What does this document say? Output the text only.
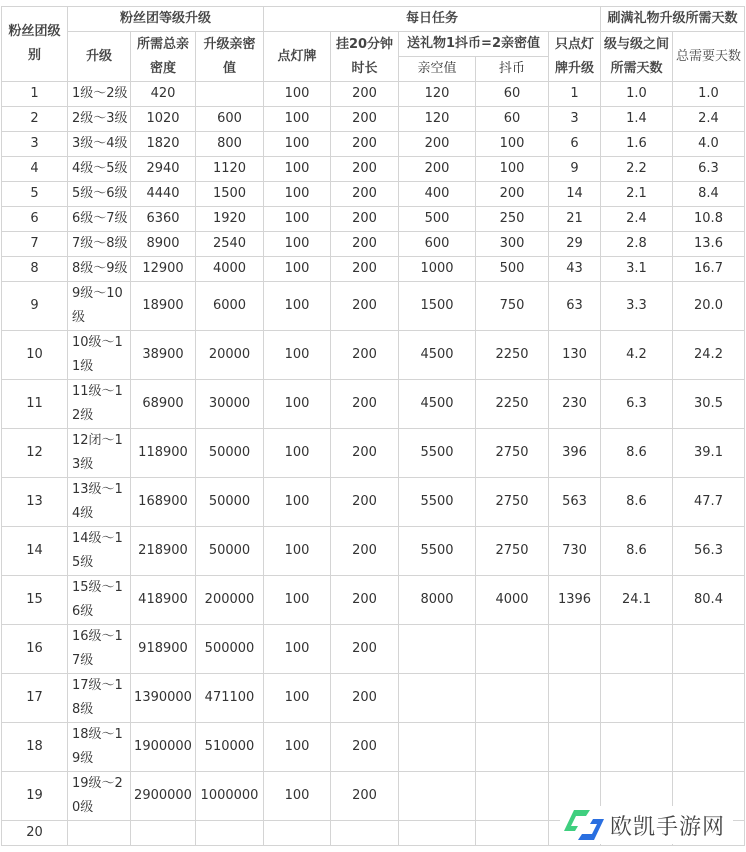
粉丝团级别	粉丝团等级升级			每日任务					刷满礼物升级所需天数	
	升级	所需总亲密度	升级亲密值	点灯牌	挂20分钟时长	送礼物1抖币=2亲密值		只点灯牌升级	级与级之间所需天数	总需要天数
						亲空值	抖币			
1	1级～2级	420		100	200	120	60	1	1.0	1.0
2	2级～3级	1020	600	100	200	120	60	3	1.4	2.4
3	3级～4级	1820	800	100	200	200	100	6	1.6	4.0
4	4级～5级	2940	1120	100	200	200	100	9	2.2	6.3
5	5级～6级	4440	1500	100	200	400	200	14	2.1	8.4
6	6级～7级	6360	1920	100	200	500	250	21	2.4	10.8
7	7级～8级	8900	2540	100	200	600	300	29	2.8	13.6
8	8级～9级	12900	4000	100	200	1000	500	43	3.1	16.7
9	9级～10级	18900	6000	100	200	1500	750	63	3.3	20.0
10	10级～11级	38900	20000	100	200	4500	2250	130	4.2	24.2
11	11级～12级	68900	30000	100	200	4500	2250	230	6.3	30.5
12	12闭～13级	118900	50000	100	200	5500	2750	396	8.6	39.1
13	13级～14级	168900	50000	100	200	5500	2750	563	8.6	47.7
14	14级～15级	218900	50000	100	200	5500	2750	730	8.6	56.3
15	15级～16级	418900	200000	100	200	8000	4000	1396	24.1	80.4
16	16级～17级	918900	500000	100	200					
17	17级～18级	1390000	471100	100	200					
18	18级～19级	1900000	510000	100	200					
19	19级～20级	2900000	1000000	100	200					
20											欧凯手游网
